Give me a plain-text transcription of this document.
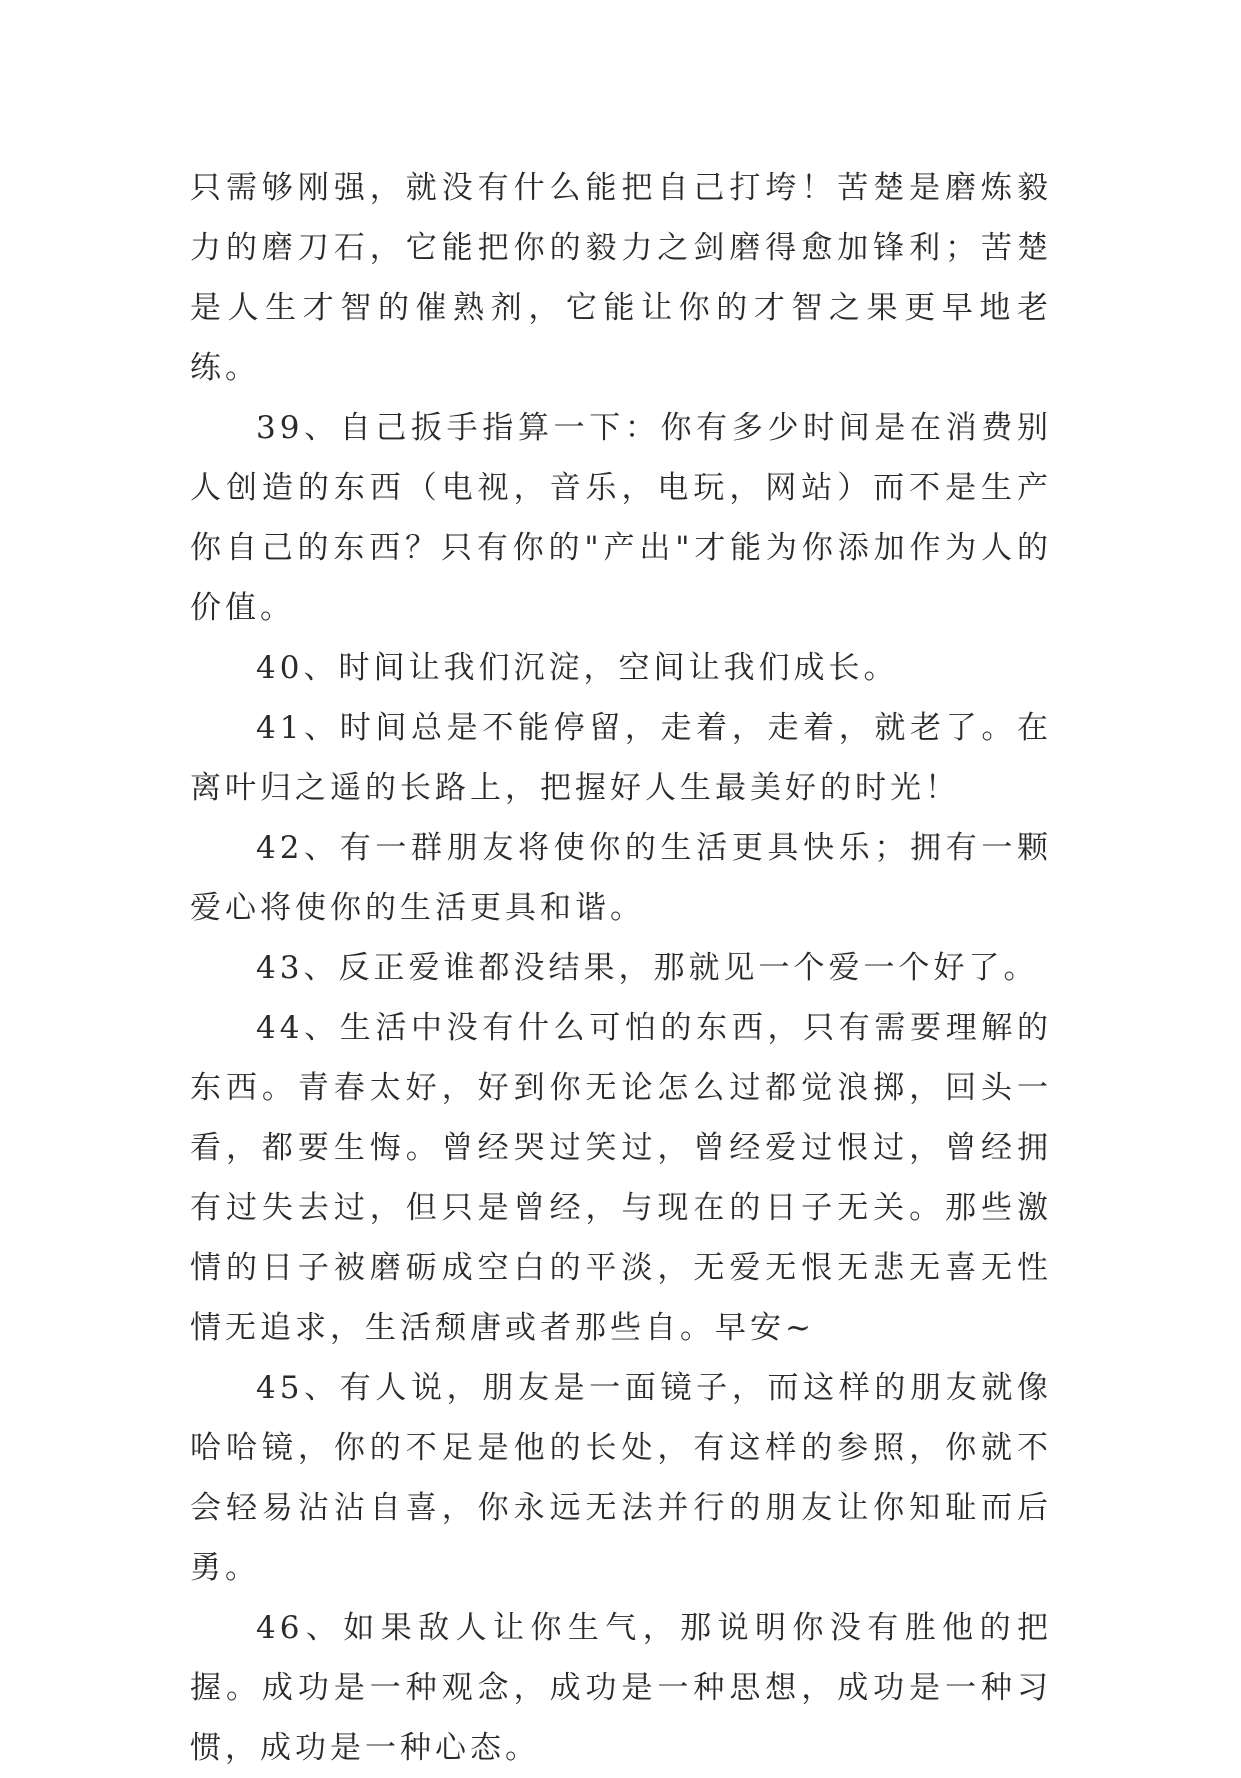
只需够刚强，就没有什么能把自己打垮！苦楚是磨炼毅力的磨刀石，它能把你的毅力之剑磨得愈加锋利；苦楚是人生才智的催熟剂，它能让你的才智之果更早地老练。

39、自己扳手指算一下：你有多少时间是在消费别人创造的东西（电视，音乐，电玩，网站）而不是生产你自己的东西？只有你的"产出"才能为你添加作为人的价值。

40、时间让我们沉淀，空间让我们成长。

41、时间总是不能停留，走着，走着，就老了。在离叶归之遥的长路上，把握好人生最美好的时光！

42、有一群朋友将使你的生活更具快乐；拥有一颗爱心将使你的生活更具和谐。

43、反正爱谁都没结果，那就见一个爱一个好了。

44、生活中没有什么可怕的东西，只有需要理解的东西。青春太好，好到你无论怎么过都觉浪掷，回头一看，都要生悔。曾经哭过笑过，曾经爱过恨过，曾经拥有过失去过，但只是曾经，与现在的日子无关。那些激情的日子被磨砺成空白的平淡，无爱无恨无悲无喜无性情无追求，生活颓唐或者那些自。早安~

45、有人说，朋友是一面镜子，而这样的朋友就像哈哈镜，你的不足是他的长处，有这样的参照，你就不会轻易沾沾自喜，你永远无法并行的朋友让你知耻而后勇。

46、如果敌人让你生气，那说明你没有胜他的把握。成功是一种观念，成功是一种思想，成功是一种习惯，成功是一种心态。
